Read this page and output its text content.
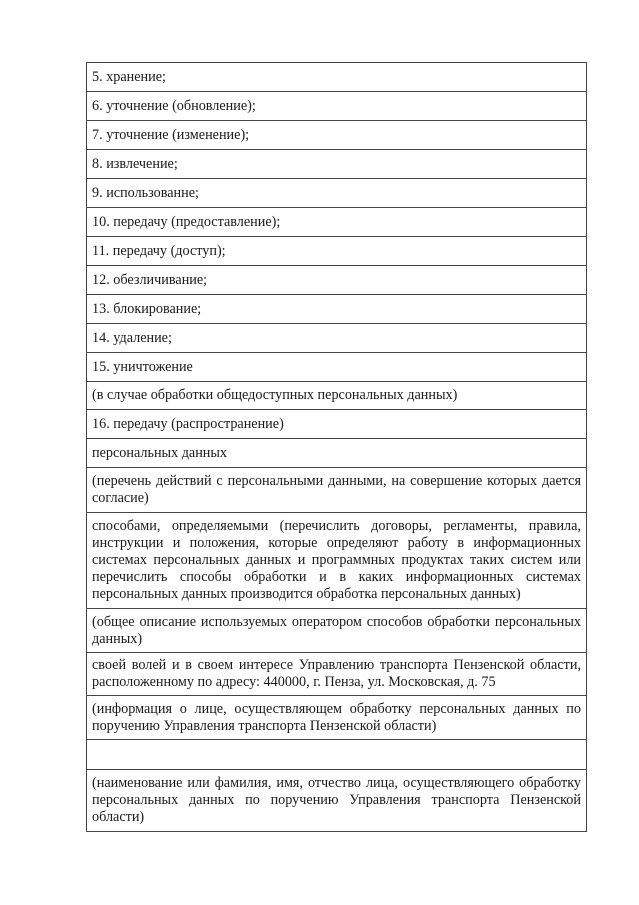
5. хранение;
6. уточнение (обновление);
7. уточнение (изменение);
8. извлечение;
9. использованне;
10. передачу (предоставление);
11. передачу (доступ);
12. обезличивание;
13. блокирование;
14. удаление;
15. уничтожение
(в случае обработки общедоступных персональных данных)
16. передачу (распространение)
персональных данных
(перечень действий с персональными данными, на совершение которых дается согласие)
способами, определяемыми (перечислить договоры, регламенты, правила, инструкции и положения, которые определяют работу в информационных системах персональных данных и программных продуктах таких систем или перечислить способы обработки и в каких информационных системах персональных данных производится обработка персональных данных)
(общее описание используемых оператором способов обработки персональных данных)
своей волей и в своем интересе Управлению транспорта Пензенской области, расположенному по адресу: 440000, г. Пенза, ул. Московская, д. 75
(информация о лице, осуществляющем обработку персональных данных по поручению Управления транспорта Пензенской области)

(наименование или фамилия, имя, отчество лица, осуществляющего обработку персональных данных по поручению Управления транспорта Пензенской области)
